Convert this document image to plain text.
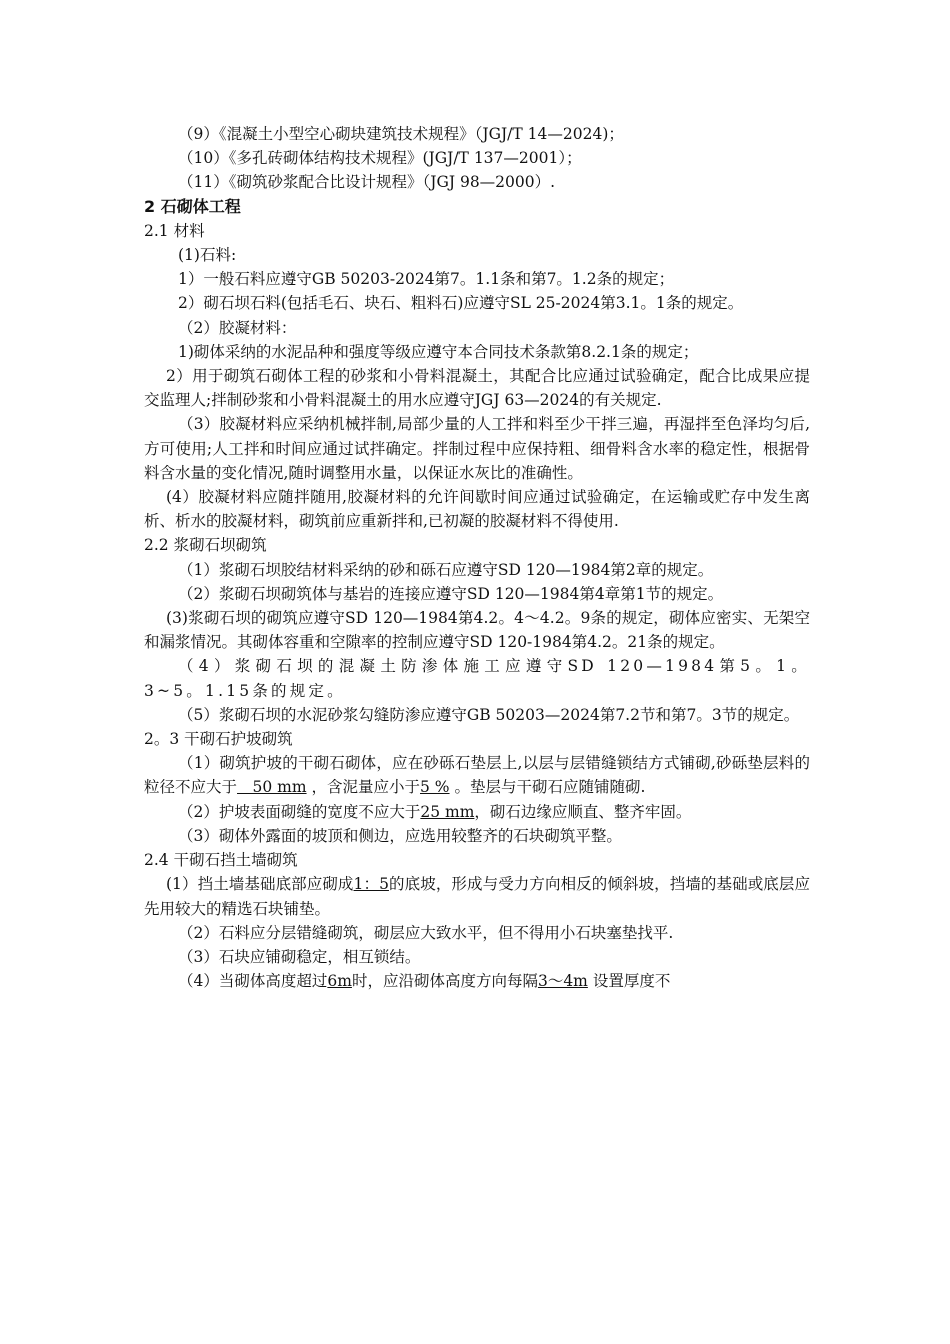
（9）《混凝土小型空心砌块建筑技术规程》（JGJ/T 14—2024)；

（10）《多孔砖砌体结构技术规程》(JGJ/T 137—2001）；

（11）《砌筑砂浆配合比设计规程》（JGJ 98—2000）.

2 石砌体工程

2.1 材料

(1)石料:

1）一般石料应遵守GB 50203-2024第7。1.1条和第7。1.2条的规定；

2）砌石坝石料(包括毛石、块石、粗料石)应遵守SL 25-2024第3.1。1条的规定。

（2）胶凝材料：

1)砌体采纳的水泥品种和强度等级应遵守本合同技术条款第8.2.1条的规定；

2）用于砌筑石砌体工程的砂浆和小骨料混凝土，其配合比应通过试验确定，配合比成果应提交监理人;拌制砂浆和小骨料混凝土的用水应遵守JGJ 63—2024的有关规定.

（3）胶凝材料应采纳机械拌制,局部少量的人工拌和料至少干拌三遍，再湿拌至色泽均匀后,方可使用;人工拌和时间应通过试拌确定。拌制过程中应保持粗、细骨料含水率的稳定性，根据骨料含水量的变化情况,随时调整用水量，以保证水灰比的准确性。

(4）胶凝材料应随拌随用,胶凝材料的允许间歇时间应通过试验确定，在运输或贮存中发生离析、析水的胶凝材料，砌筑前应重新拌和,已初凝的胶凝材料不得使用.

2.2 浆砌石坝砌筑

（1）浆砌石坝胶结材料采纳的砂和砾石应遵守SD 120—1984第2章的规定。

（2）浆砌石坝砌筑体与基岩的连接应遵守SD 120—1984第4章第1节的规定。

(3)浆砌石坝的砌筑应遵守SD 120—1984第4.2。4～4.2。9条的规定，砌体应密实、无架空和漏浆情况。其砌体容重和空隙率的控制应遵守SD 120-1984第4.2。21条的规定。

（4）浆砌石坝的混凝土防渗体施工应遵守SD 120—1984第5。1。3~5。1.15条的规定。

（5）浆砌石坝的水泥砂浆勾缝防渗应遵守GB 50203—2024第7.2节和第7。3节的规定。

2。3 干砌石护坡砌筑

（1）砌筑护坡的干砌石砌体，应在砂砾石垫层上,以层与层错缝锁结方式铺砌,砂砾垫层料的粒径不应大于　50 mm ，含泥量应小于5 % 。垫层与干砌石应随铺随砌.

（2）护坡表面砌缝的宽度不应大于25 mm，砌石边缘应顺直、整齐牢固。

（3）砌体外露面的坡顶和侧边，应选用较整齐的石块砌筑平整。

2.4 干砌石挡土墙砌筑

(1）挡土墙基础底部应砌成1：5的底坡，形成与受力方向相反的倾斜坡，挡墙的基础或底层应先用较大的精选石块铺垫。

（2）石料应分层错缝砌筑，砌层应大致水平，但不得用小石块塞垫找平.

（3）石块应铺砌稳定，相互锁结。

（4）当砌体高度超过6m时，应沿砌体高度方向每隔3～4m 设置厚度不
